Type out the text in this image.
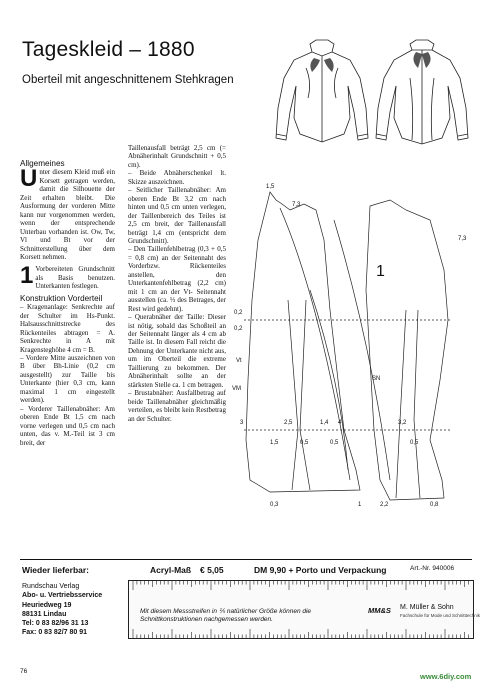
Tageskleid – 1880
Oberteil mit angeschnittenem Stehkragen

Allgemeines

Unter diesem Kleid muß ein Korsett getragen werden, damit die Silhouette der Zeit erhalten bleibt. Die Ausformung der vorderen Mitte kann nur vorgenommen werden, wenn der entsprechende Unterbau vorhanden ist. Ow, Tw, Vl und Bt vor der Schnitterstellung über dem Korsett nehmen.

1 Vorbereiteten Grundschnitt als Basis benutzen. Unterkanten festlegen.

Konstruktion Vorderteil

– Kragenanlage: Senkrechte auf der Schulter im Hs-Punkt. Halsausschnittstrecke des Rückenteiles abtragen = A. Senkrechte in A mit Kragensteghöhe 4 cm = B.

– Vordere Mitte auszeichnen von B über Bh-Linie (0,2 cm ausgestellt) zur Taille bis Unterkante (hier 0,3 cm, kann maximal 1 cm eingestellt werden).

– Vorderer Taillenabnäher: Am oberen Ende Bt 1,5 cm nach vorne verlegen und 0,5 cm nach unten, das v. M.-Teil ist 3 cm breit, der

Taillenausfall beträgt 2,5 cm (= Abnäherinhalt Grundschnitt + 0,5 cm).

– Beide Abnäherschenkel lt. Skizze auszeichnen.

– Seitlicher Taillenabnäher: Am oberen Ende Bt 3,2 cm nach hinten und 0,5 cm unten verlegen, der Taillenbereich des Teiles ist 2,5 cm breit, der Taillenausfall beträgt 1,4 cm (entspricht dem Grundschnitt).

– Den Taillenfehlbetrag (0,3 + 0,5 = 0,8 cm) an der Seitennaht des Vorderbzw. Rückenteiles anstellen, den Unterkantenfehlbetrag (2,2 cm) mit 1 cm an der Vt- Seitennaht ausstellen (ca. ⅓ des Betrages, der Rest wird gedehnt).

– Querabnäher der Taille: Dieser ist nötig, sobald das Schoßteil an der Seitennaht länger als 4 cm ab Taille ist. In diesem Fall reicht die Dehnung der Unterkante nicht aus, um im Oberteil die extreme Taillierung zu bekommen. Der Abnäherinhalt sollte an der stärksten Stelle ca. 1 cm betragen.

– Brustabnäher: Ausfallbetrag auf beide Taillenabnäher gleichmäßig verteilen, es bleibt kein Restbetrag an der Schulter.

1,5
7,3
7,3
1
0,2
0,2
Vt
VM
SN
3	2,5	1,4 4	3,2
1,5	0,5	0,5	0,5
2,2
1	0,8
0,3
Wieder lieferbar:	Acryl-Maß € 5,05	DM 9,90 + Porto und Verpackung	Art.-Nr. 940006
Rundschau Verlag
Abo- u. Vertriebsservice
Heuriedweg 19
88131 Lindau
Tel: 0 83 82/96 31 13
Fax: 0 83 82/7 80 91
Mit diesem Messstreifen in ⅕ natürlicher Größe können die Schnittkonstruktionen nachgemessen werden.
MM&S M. Müller & Sohn
Fachschule für Mode und Schnitttechnik
76
www.6diy.com
